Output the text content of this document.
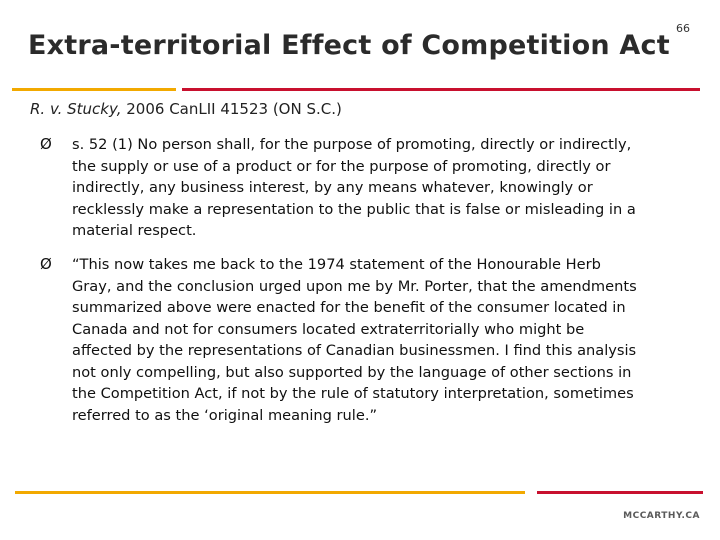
66
Extra-territorial Effect of Competition Act
R. v. Stucky, 2006 CanLII 41523 (ON S.C.)
Ø	s. 52 (1) No person shall, for the purpose of promoting, directly or indirectly, the supply or use of a product or for the purpose of promoting, directly or indirectly, any business interest, by any means whatever, knowingly or recklessly make a representation to the public that is false or misleading in a material respect.
Ø	“This now takes me back to the 1974 statement of the Honourable Herb Gray, and the conclusion urged upon me by Mr. Porter, that the amendments summarized above were enacted for the benefit of the consumer located in Canada and not for consumers located extraterritorially who might be affected by the representations of Canadian businessmen. I find this analysis not only compelling, but also supported by the language of other sections in the Competition Act, if not by the rule of statutory interpretation, sometimes referred to as the ‘original meaning rule.”
MCCARTHY.CA
